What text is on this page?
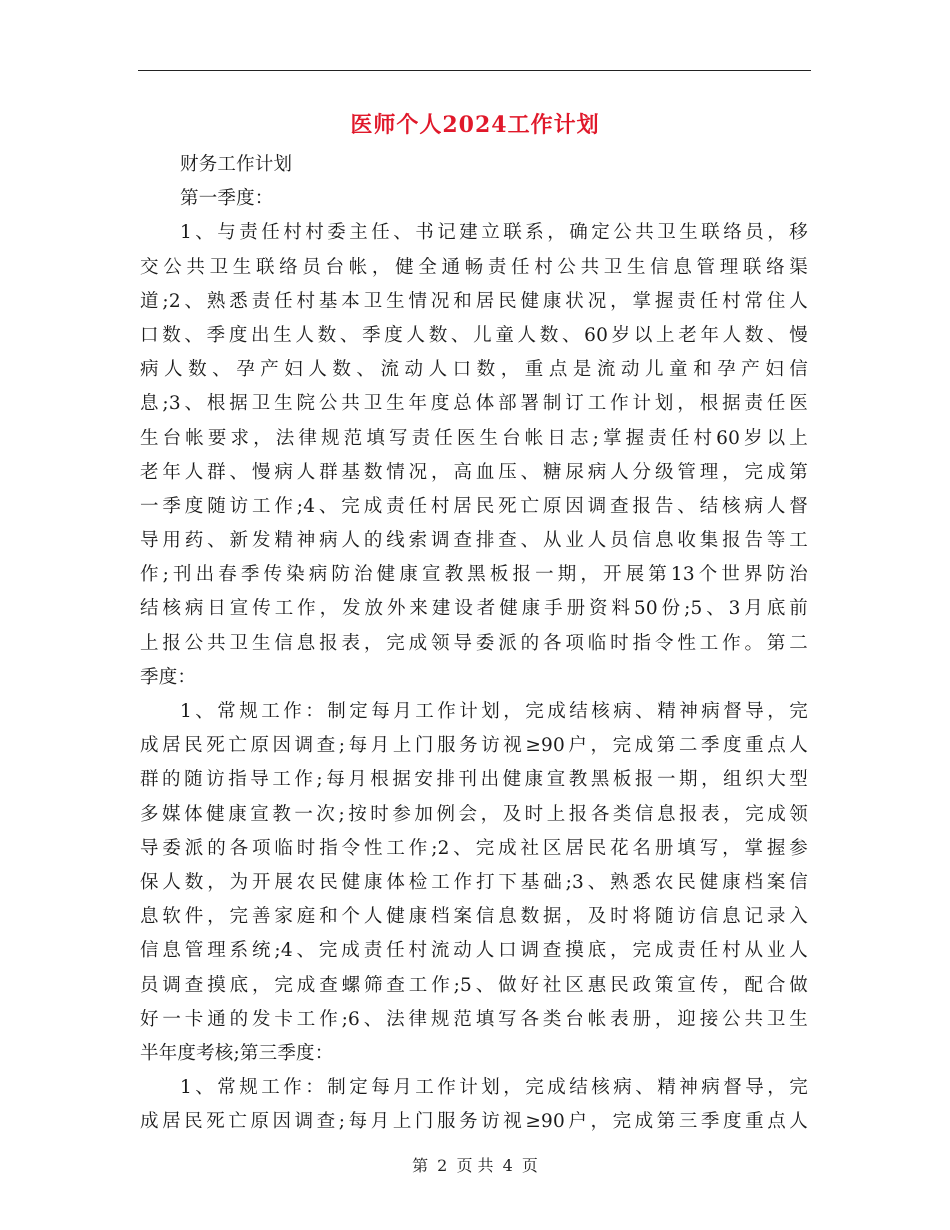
医师个人2024工作计划
财务工作计划
第一季度：
1、与责任村村委主任、书记建立联系，确定公共卫生联络员，移
交公共卫生联络员台帐，健全通畅责任村公共卫生信息管理联络渠
道;2、熟悉责任村基本卫生情况和居民健康状况，掌握责任村常住人
口数、季度出生人数、季度人数、儿童人数、60岁以上老年人数、慢
病人数、孕产妇人数、流动人口数，重点是流动儿童和孕产妇信
息;3、根据卫生院公共卫生年度总体部署制订工作计划，根据责任医
生台帐要求，法律规范填写责任医生台帐日志;掌握责任村60岁以上
老年人群、慢病人群基数情况，高血压、糖尿病人分级管理，完成第
一季度随访工作;4、完成责任村居民死亡原因调查报告、结核病人督
导用药、新发精神病人的线索调查排查、从业人员信息收集报告等工
作;刊出春季传染病防治健康宣教黑板报一期，开展第13个世界防治
结核病日宣传工作，发放外来建设者健康手册资料50份;5、3月底前
上报公共卫生信息报表，完成领导委派的各项临时指令性工作。第二
季度：
1、常规工作：制定每月工作计划，完成结核病、精神病督导，完
成居民死亡原因调查;每月上门服务访视≥90户，完成第二季度重点人
群的随访指导工作;每月根据安排刊出健康宣教黑板报一期，组织大型
多媒体健康宣教一次;按时参加例会，及时上报各类信息报表，完成领
导委派的各项临时指令性工作;2、完成社区居民花名册填写，掌握参
保人数，为开展农民健康体检工作打下基础;3、熟悉农民健康档案信
息软件，完善家庭和个人健康档案信息数据，及时将随访信息记录入
信息管理系统;4、完成责任村流动人口调查摸底，完成责任村从业人
员调查摸底，完成查螺筛查工作;5、做好社区惠民政策宣传，配合做
好一卡通的发卡工作;6、法律规范填写各类台帐表册，迎接公共卫生
半年度考核;第三季度：
1、常规工作：制定每月工作计划，完成结核病、精神病督导，完
成居民死亡原因调查;每月上门服务访视≥90户，完成第三季度重点人
第 2 页 共 4 页
